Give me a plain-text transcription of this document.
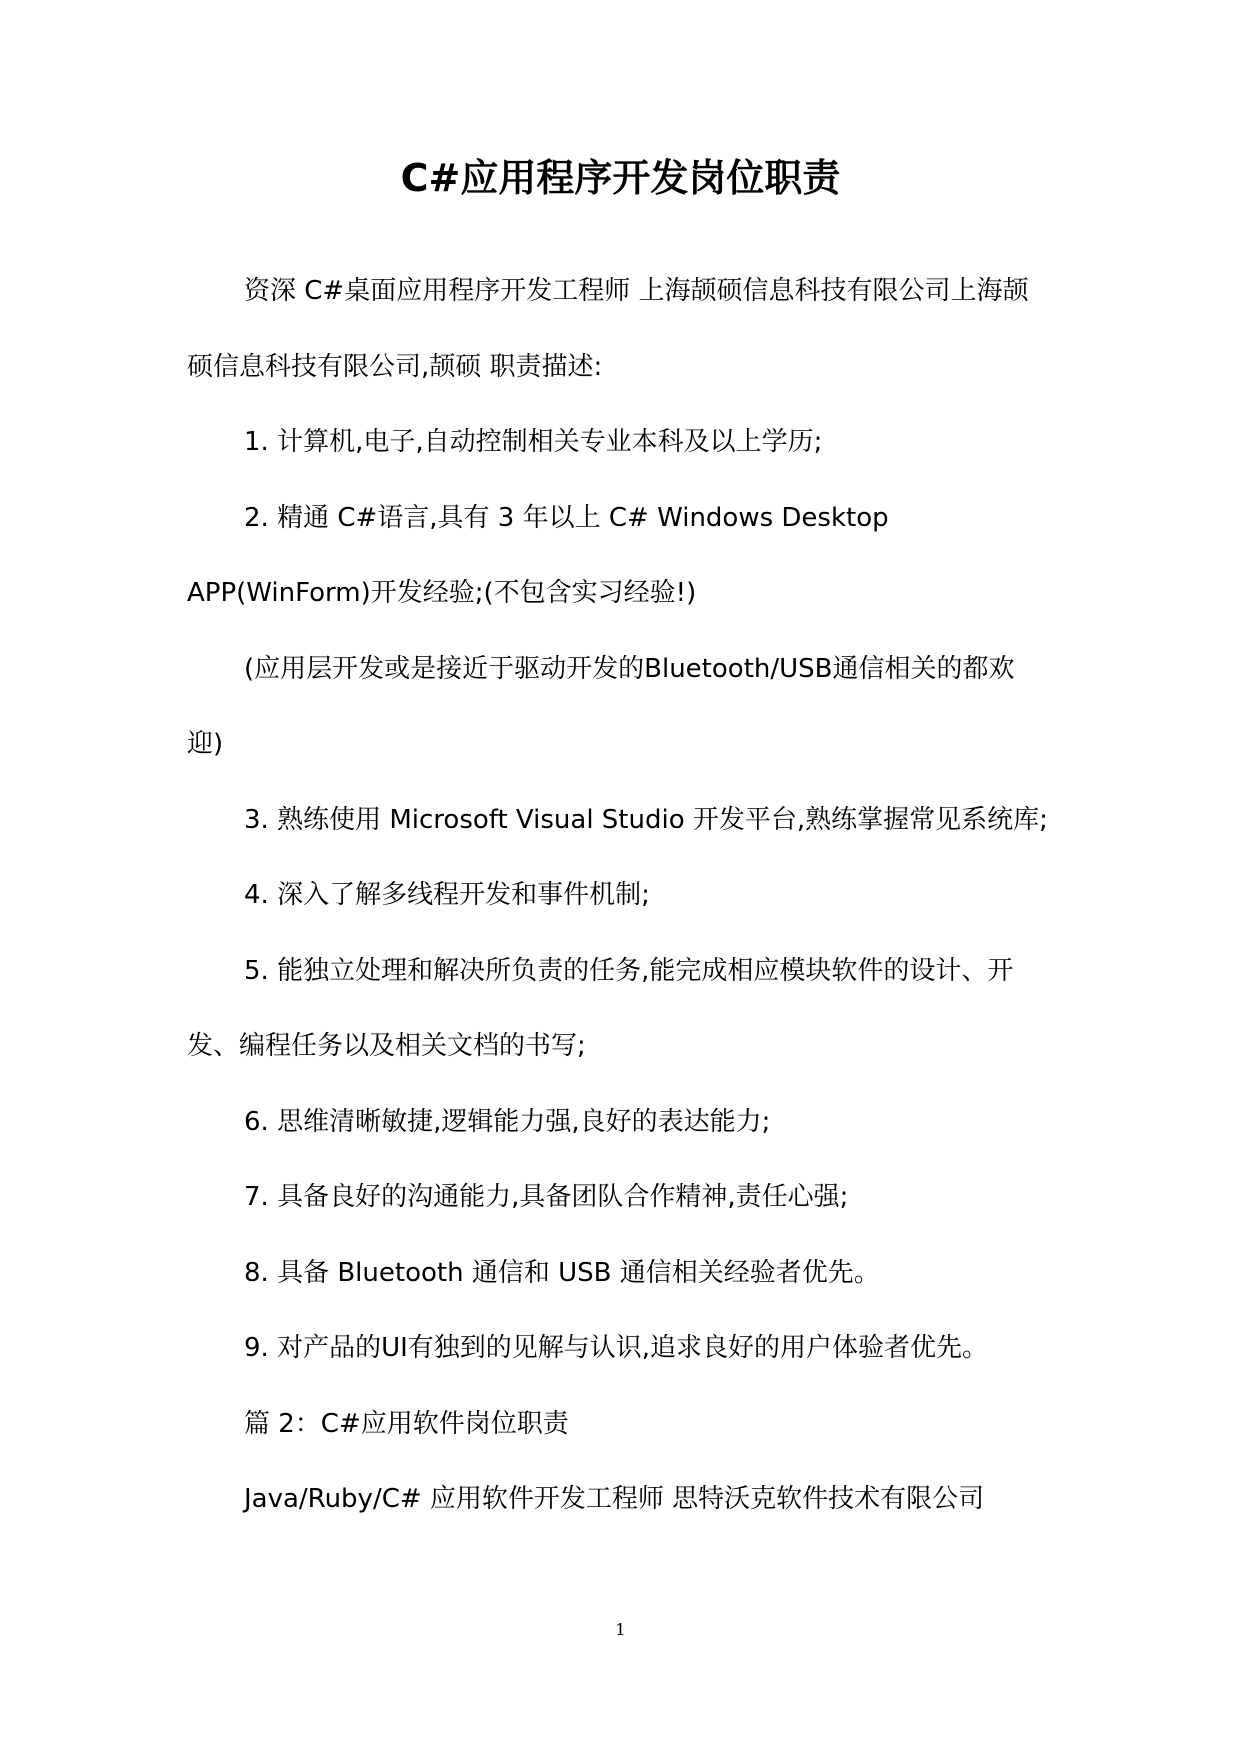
C#应用程序开发岗位职责

资深 C#桌面应用程序开发工程师 上海颉硕信息科技有限公司上海颉硕信息科技有限公司,颉硕 职责描述:

1. 计算机,电子,自动控制相关专业本科及以上学历;

2. 精通 C#语言,具有 3 年以上 C# Windows Desktop APP(WinForm)开发经验;(不包含实习经验!)

(应用层开发或是接近于驱动开发的Bluetooth/USB通信相关的都欢迎)

3. 熟练使用 Microsoft Visual Studio 开发平台,熟练掌握常见系统库;

4. 深入了解多线程开发和事件机制;

5. 能独立处理和解决所负责的任务,能完成相应模块软件的设计、开发、编程任务以及相关文档的书写;

6. 思维清晰敏捷,逻辑能力强,良好的表达能力;

7. 具备良好的沟通能力,具备团队合作精神,责任心强;

8. 具备 Bluetooth 通信和 USB 通信相关经验者优先。

9. 对产品的UI有独到的见解与认识,追求良好的用户体验者优先。

篇 2：C#应用软件岗位职责

Java/Ruby/C# 应用软件开发工程师 思特沃克软件技术有限公司

1
